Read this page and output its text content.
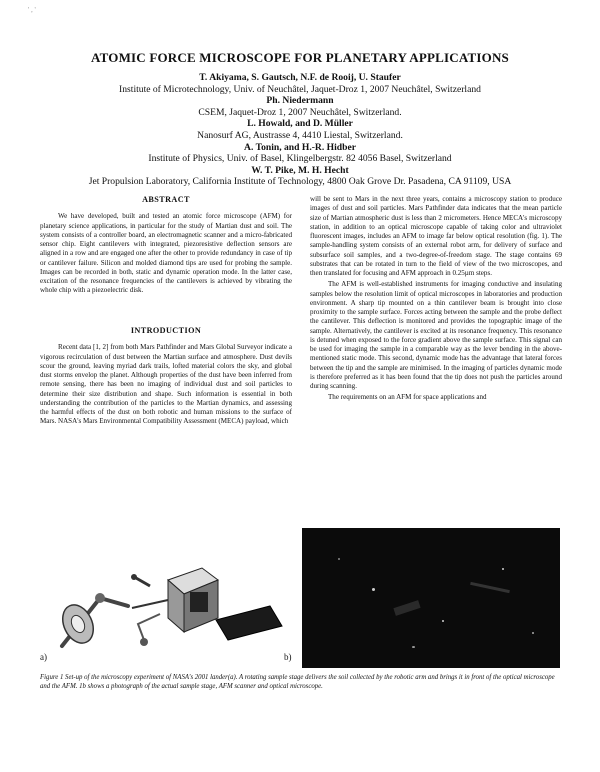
' , '
ATOMIC FORCE MICROSCOPE FOR PLANETARY APPLICATIONS
T. Akiyama, S. Gautsch, N.F. de Rooij, U. Staufer
Institute of Microtechnology, Univ. of Neuchâtel, Jaquet-Droz 1, 2007 Neuchâtel, Switzerland
Ph. Niedermann
CSEM, Jaquet-Droz 1, 2007 Neuchâtel, Switzerland.
L. Howald, and D. Müller
Nanosurf AG, Austrasse 4, 4410 Liestal, Switzerland.
A. Tonin, and H.-R. Hidber
Institute of Physics, Univ. of Basel, Klingelbergstr. 82 4056 Basel, Switzerland
W. T. Pike, M. H. Hecht
Jet Propulsion Laboratory, California Institute of Technology, 4800 Oak Grove Dr. Pasadena, CA 91109, USA
ABSTRACT

We have developed, built and tested an atomic force microscope (AFM) for planetary science applications, in particular for the study of Martian dust and soil. The system consists of a controller board, an electromagnetic scanner and a micro-fabricated sensor chip. Eight cantilevers with integrated, piezoresistive deflection sensors are aligned in a row and are engaged one after the other to provide redundancy in case of tip or cantilever failure. Silicon and molded diamond tips are used for probing the sample. Images can be recorded in both, static and dynamic operation mode. In the latter case, excitation of the resonance frequencies of the cantilevers is achieved by vibrating the whole chip with a piezoelectric disk.

INTRODUCTION

Recent data [1, 2] from both Mars Pathfinder and Mars Global Surveyor indicate a vigorous recirculation of dust between the Martian surface and atmosphere. Dust devils scour the ground, leaving myriad dark trails, lofted material colors the sky, and global dust storms envelop the planet. Although properties of the dust have been inferred from remote sensing, there has been no imaging of individual dust and soil particles to determine their size distribution and shape. Such information is essential in both understanding the contribution of the particles to the Martian dynamics, and assessing the harmful effects of the dust on both robotic and human missions to the surface of Mars. NASA's Mars Environmental Compatibility Assessment (MECA) payload, which

will be sent to Mars in the next three years, contains a microscopy station to produce images of dust and soil particles. Mars Pathfinder data indicates that the mean particle size of Martian atmospheric dust is less than 2 micrometers. Hence MECA's microscopy station, in addition to an optical microscope capable of taking color and ultraviolet fluorescent images, includes an AFM to image far below optical resolution (fig. 1). The sample-handling system consists of an external robot arm, for delivery of surface and subsurface soil samples, and a two-degree-of-freedom stage. The stage contains 69 substrates that can be rotated in turn to the field of view of the two microscopes, and then translated for focusing and AFM approach in 0.25µm steps.

The AFM is well-established instruments for imaging conductive and insulating samples below the resolution limit of optical microscopes in laboratories and production environment. A sharp tip mounted on a thin cantilever beam is brought into close proximity to the sample surface. Forces acting between the sample and the probe deflect the cantilever. This deflection is monitored and provides the topographic image of the sample. Alternatively, the cantilever is excited at its resonance frequency. This resonance is detuned when exposed to the force gradient above the sample surface. This signal can be used for imaging the sample in a comparable way as the lever bending in the above-mentioned static mode. This second, dynamic mode has the advantage that lateral forces between the tip and the sample are minimised. In the imaging of particles dynamic mode is therefore preferred as it has been found that the tip does not push the particles around during scanning.

The requirements on an AFM for space applications and

a)	b)
Figure 1 Set-up of the microscopy experiment of NASA's 2001 lander(a). A rotating sample stage delivers the soil collected by the robotic arm and brings it in front of the optical microscope and the AFM. 1b shows a photograph of the actual sample stage, AFM scanner and optical microscope.
